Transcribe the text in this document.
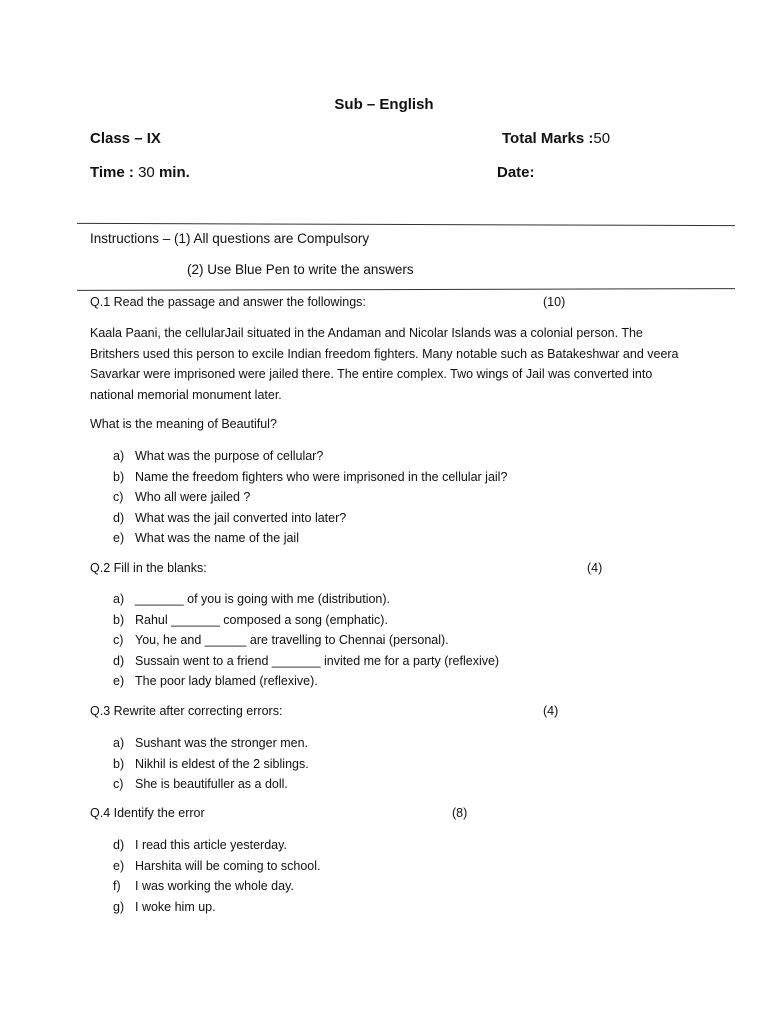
Sub – English
Class – IX	Total Marks :50
Time : 30 min.	Date:
Instructions – (1) All questions are Compulsory
(2) Use Blue Pen to write the answers
Q.1 Read the passage and answer the followings:	(10)
Kaala Paani, the cellularJail situated in the Andaman and Nicolar Islands was a colonial person. The Britshers used this person to excile Indian freedom fighters. Many notable such as Batakeshwar and veera Savarkar were imprisoned were jailed there. The entire complex. Two wings of Jail was converted into national memorial monument later.
What is the meaning of Beautiful?
a) What was the purpose of cellular?
b) Name the freedom fighters who were imprisoned in the cellular jail?
c) Who all were jailed ?
d) What was the jail converted into later?
e) What was the name of the jail
Q.2 Fill in the blanks:	(4)
a) _______ of you is going with me (distribution).
b) Rahul _______ composed a song (emphatic).
c) You, he and ______ are travelling to Chennai (personal).
d) Sussain went to a friend _______ invited me for a party (reflexive)
e) The poor lady blamed (reflexive).
Q.3 Rewrite after correcting errors:	(4)
a) Sushant was the stronger men.
b) Nikhil is eldest of the 2 siblings.
c) She is beautifuller as a doll.
Q.4 Identify the error	(8)
d) I read this article yesterday.
e) Harshita will be coming to school.
f) I was working the whole day.
g) I woke him up.
